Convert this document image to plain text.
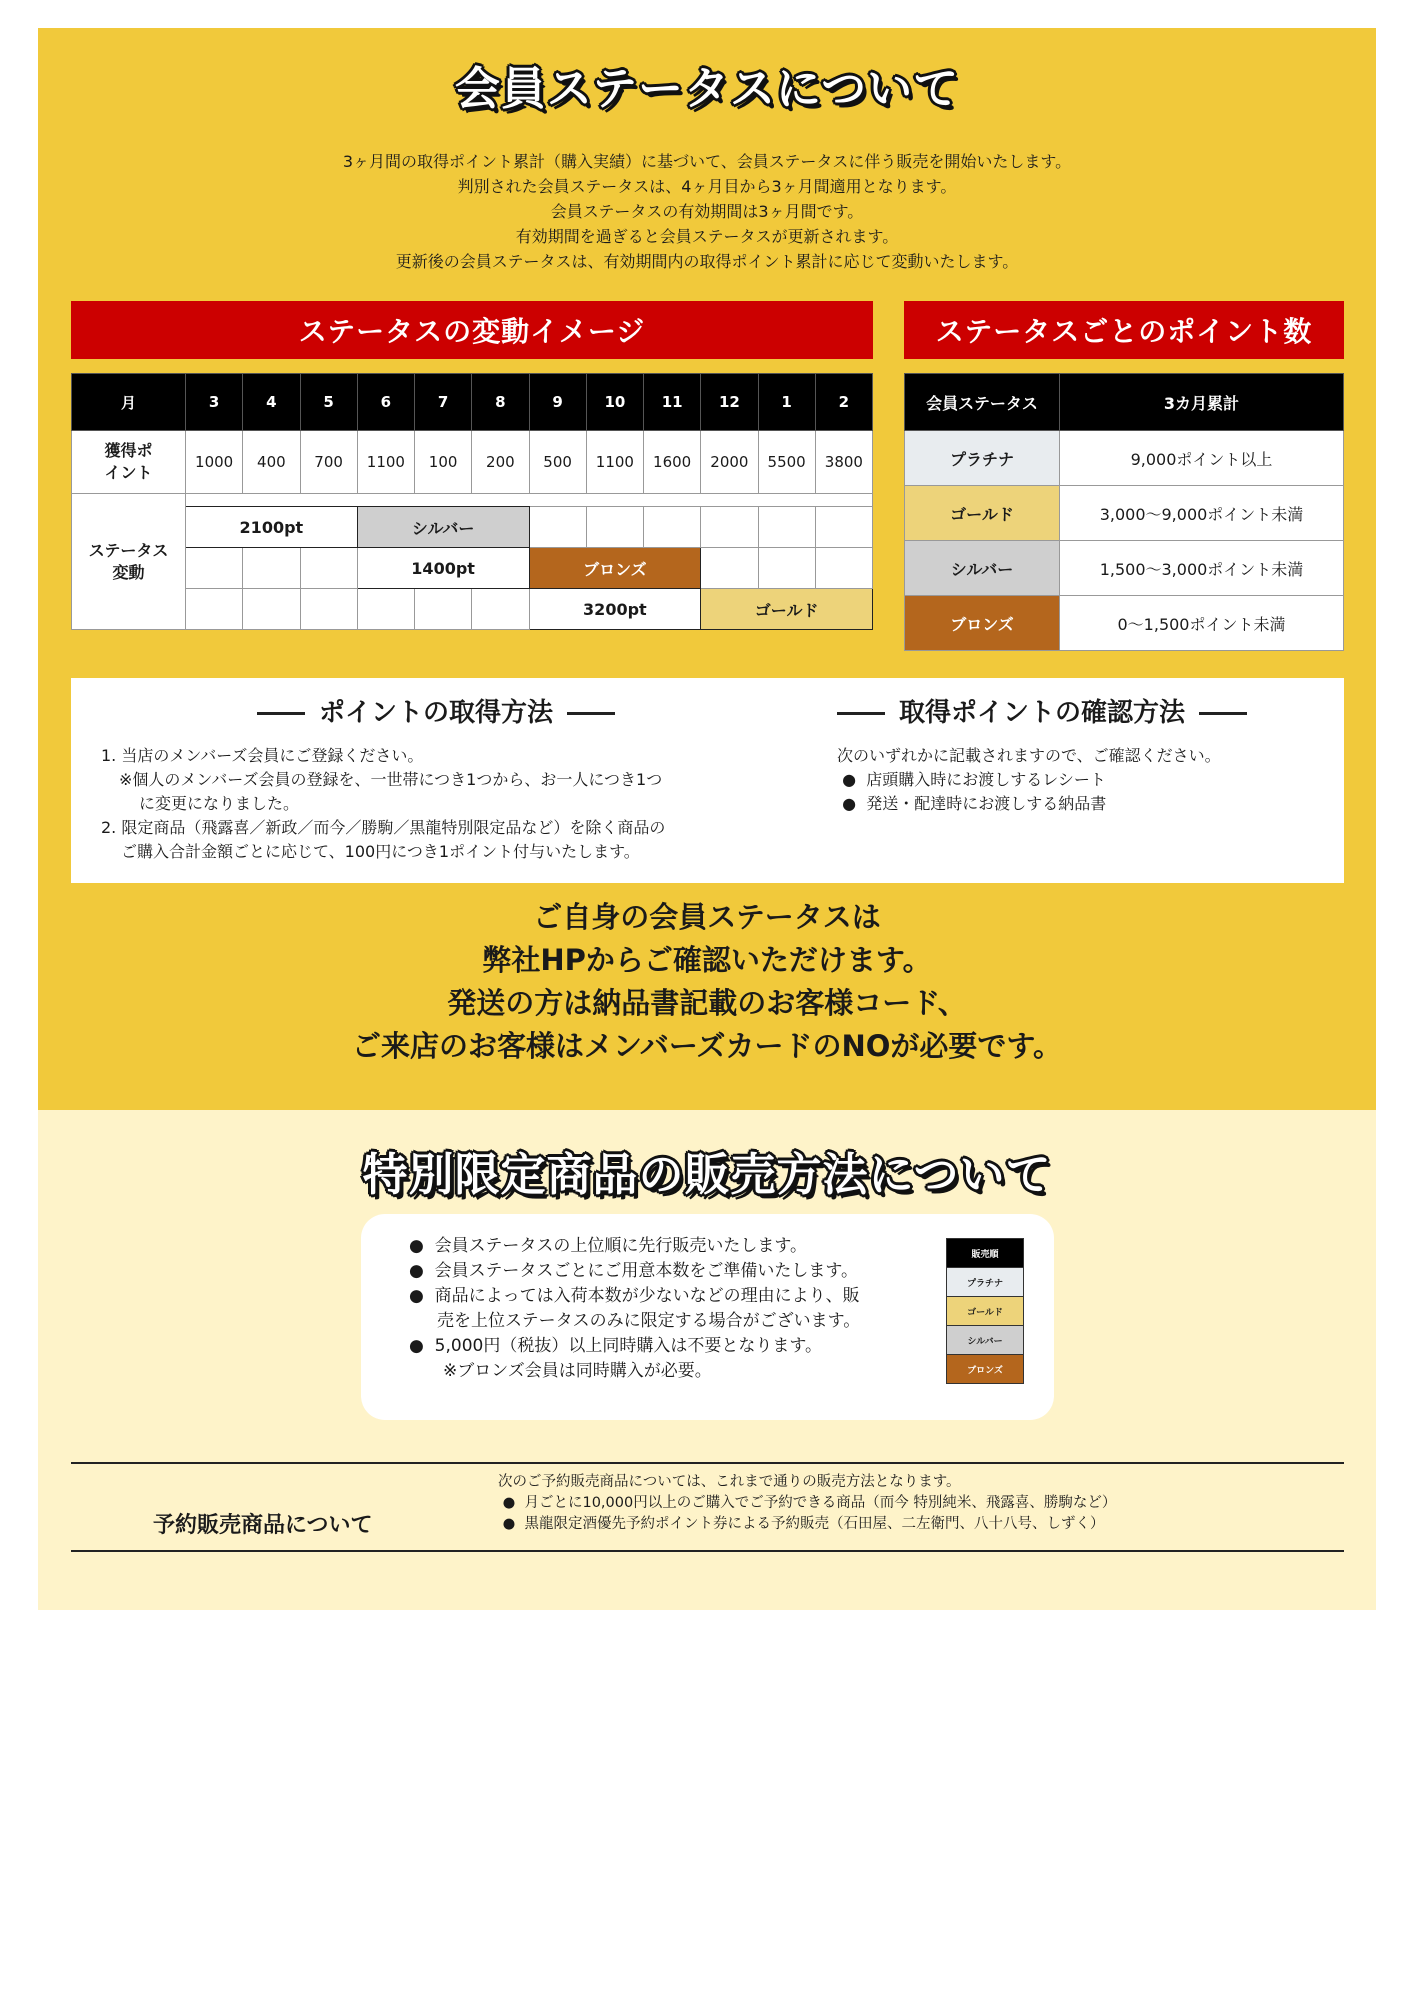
会員ステータスについて
3ヶ月間の取得ポイント累計（購入実績）に基づいて、会員ステータスに伴う販売を開始いたします。
判別された会員ステータスは、4ヶ月目から3ヶ月間適用となります。
会員ステータスの有効期間は3ヶ月間です。
有効期間を過ぎると会員ステータスが更新されます。
更新後の会員ステータスは、有効期間内の取得ポイント累計に応じて変動いたします。
ステータスの変動イメージ	ステータスごとのポイント数
月	3	4	5	6	7	8	9	10	11	12	1	2
獲得ポイント	1000	400	700	1100	100	200	500	1100	1600	2000	5500	3800
ステータス変動												
	2100pt			シルバー								
				1400pt			ブロンズ					
							3200pt			ゴールド		
会員ステータス	3カ月累計
プラチナ	9,000ポイント以上
ゴールド	3,000〜9,000ポイント未満
シルバー	1,500〜3,000ポイント未満
ブロンズ	0〜1,500ポイント未満
ポイントの取得方法
1. 当店のメンバーズ会員にご登録ください。
※個人のメンバーズ会員の登録を、一世帯につき1つから、お一人につき1つ
に変更になりました。
2. 限定商品（飛露喜／新政／而今／勝駒／黒龍特別限定品など）を除く商品の
ご購入合計金額ごとに応じて、100円につき1ポイント付与いたします。
取得ポイントの確認方法
次のいずれかに記載されますので、ご確認ください。
●  店頭購入時にお渡しするレシート
●  発送・配達時にお渡しする納品書
ご自身の会員ステータスは
弊社HPからご確認いただけます。
発送の方は納品書記載のお客様コード、
ご来店のお客様はメンバーズカードのNOが必要です。
特別限定商品の販売方法について
●  会員ステータスの上位順に先行販売いたします。
●  会員ステータスごとにご用意本数をご準備いたします。
●  商品によっては入荷本数が少ないなどの理由により、販
売を上位ステータスのみに限定する場合がございます。
●  5,000円（税抜）以上同時購入は不要となります。
※ブロンズ会員は同時購入が必要。
販売順
プラチナ
ゴールド
シルバー
ブロンズ
予約販売商品について
次のご予約販売商品については、これまで通りの販売方法となります。
●  月ごとに10,000円以上のご購入でご予約できる商品（而今 特別純米、飛露喜、勝駒など）
●  黒龍限定酒優先予約ポイント券による予約販売（石田屋、二左衛門、八十八号、しずく）
